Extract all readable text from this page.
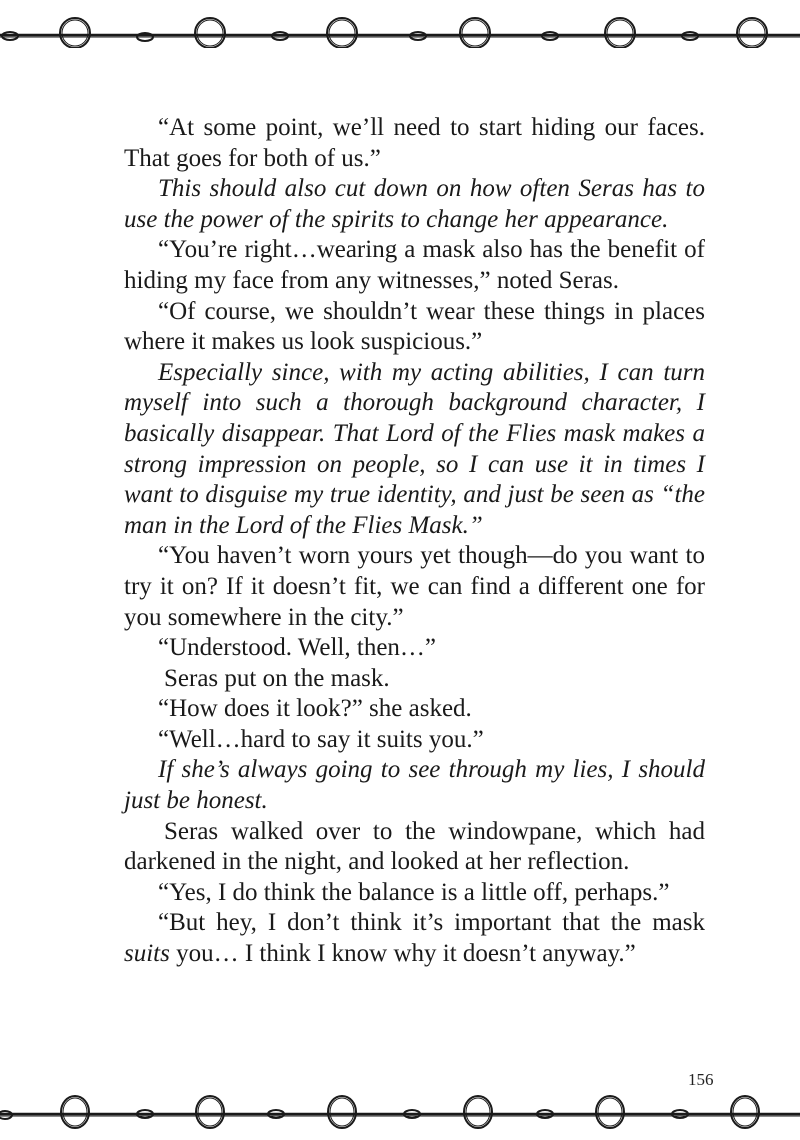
“At some point, we’ll need to start hiding our faces. That goes for both of us.”

This should also cut down on how often Seras has to use the power of the spirits to change her appearance.

“You’re right…wearing a mask also has the benefit of hiding my face from any witnesses,” noted Seras.

“Of course, we shouldn’t wear these things in places where it makes us look suspicious.”

Especially since, with my acting abilities, I can turn myself into such a thorough background character, I basically disappear. That Lord of the Flies mask makes a strong impression on people, so I can use it in times I want to disguise my true identity, and just be seen as “the man in the Lord of the Flies Mask.”

“You haven’t worn yours yet though—do you want to try it on? If it doesn’t fit, we can find a different one for you somewhere in the city.”

“Understood. Well, then…”

Seras put on the mask.

“How does it look?” she asked.

“Well…hard to say it suits you.”

If she’s always going to see through my lies, I should just be honest.

Seras walked over to the windowpane, which had darkened in the night, and looked at her reflection.

“Yes, I do think the balance is a little off, perhaps.”

“But hey, I don’t think it’s important that the mask suits you… I think I know why it doesn’t anyway.”

156
